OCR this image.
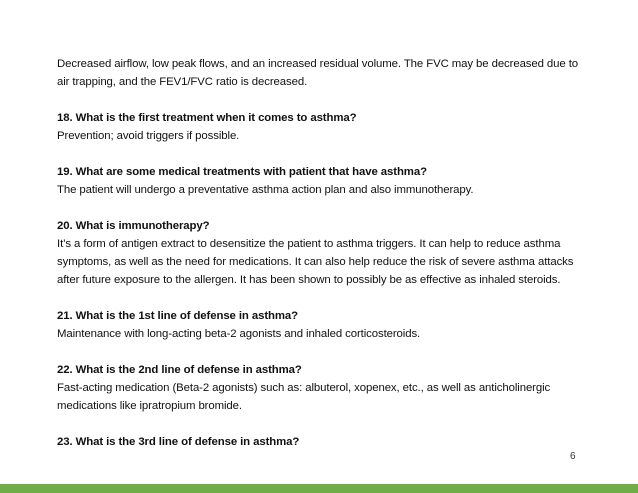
Decreased airflow, low peak flows, and an increased residual volume. The FVC may be decreased due to air trapping, and the FEV1/FVC ratio is decreased.
18. What is the first treatment when it comes to asthma?
Prevention; avoid triggers if possible.
19. What are some medical treatments with patient that have asthma?
The patient will undergo a preventative asthma action plan and also immunotherapy.
20. What is immunotherapy?
It’s a form of antigen extract to desensitize the patient to asthma triggers. It can help to reduce asthma symptoms, as well as the need for medications. It can also help reduce the risk of severe asthma attacks after future exposure to the allergen. It has been shown to possibly be as effective as inhaled steroids.
21. What is the 1st line of defense in asthma?
Maintenance with long-acting beta-2 agonists and inhaled corticosteroids.
22. What is the 2nd line of defense in asthma?
Fast-acting medication (Beta-2 agonists) such as: albuterol, xopenex, etc., as well as anticholinergic medications like ipratropium bromide.
23. What is the 3rd line of defense in asthma?
6
